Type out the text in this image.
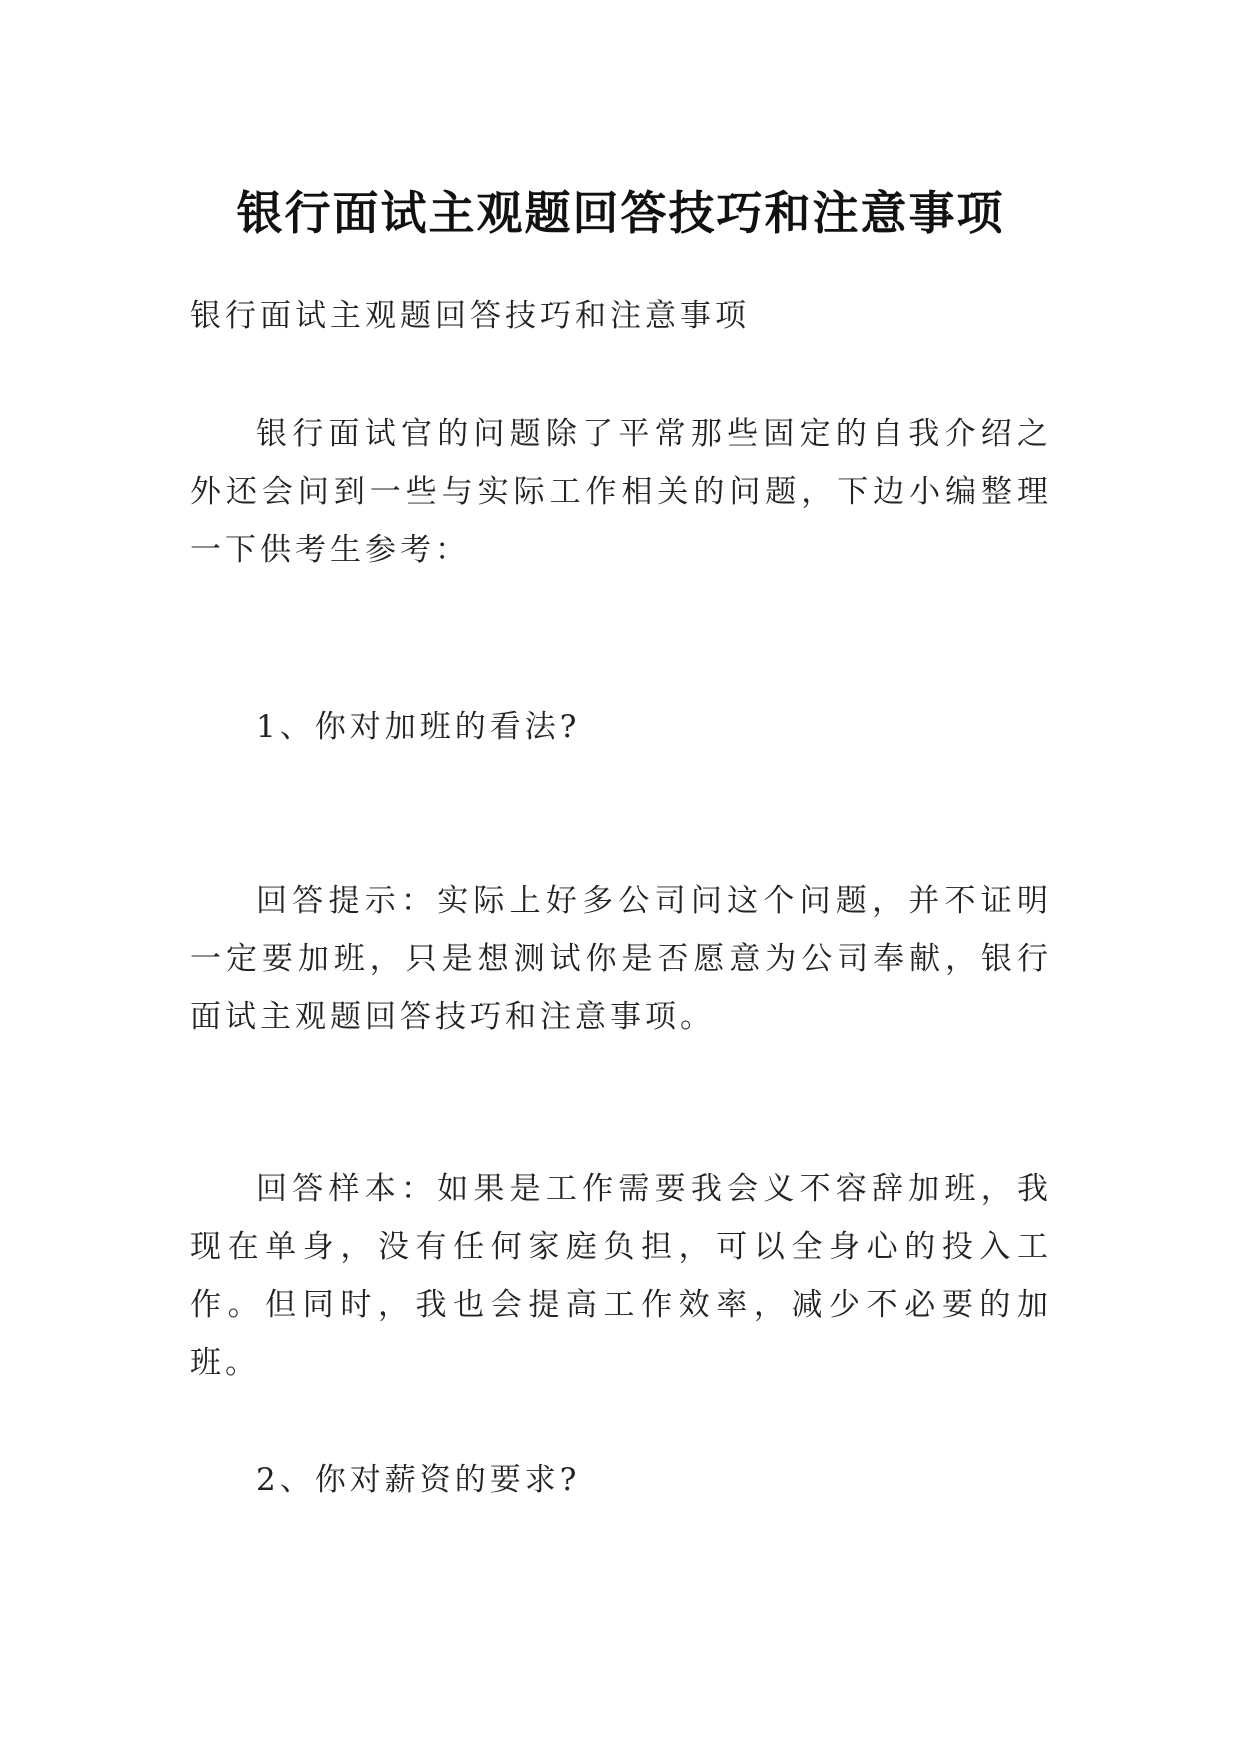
银行面试主观题回答技巧和注意事项

银行面试主观题回答技巧和注意事项

银行面试官的问题除了平常那些固定的自我介绍之外还会问到一些与实际工作相关的问题，下边小编整理一下供考生参考：

1、你对加班的看法?

回答提示：实际上好多公司问这个问题，并不证明一定要加班，只是想测试你是否愿意为公司奉献，银行面试主观题回答技巧和注意事项。

回答样本：如果是工作需要我会义不容辞加班，我现在单身，没有任何家庭负担，可以全身心的投入工作。但同时，我也会提高工作效率，减少不必要的加班。

2、你对薪资的要求?
